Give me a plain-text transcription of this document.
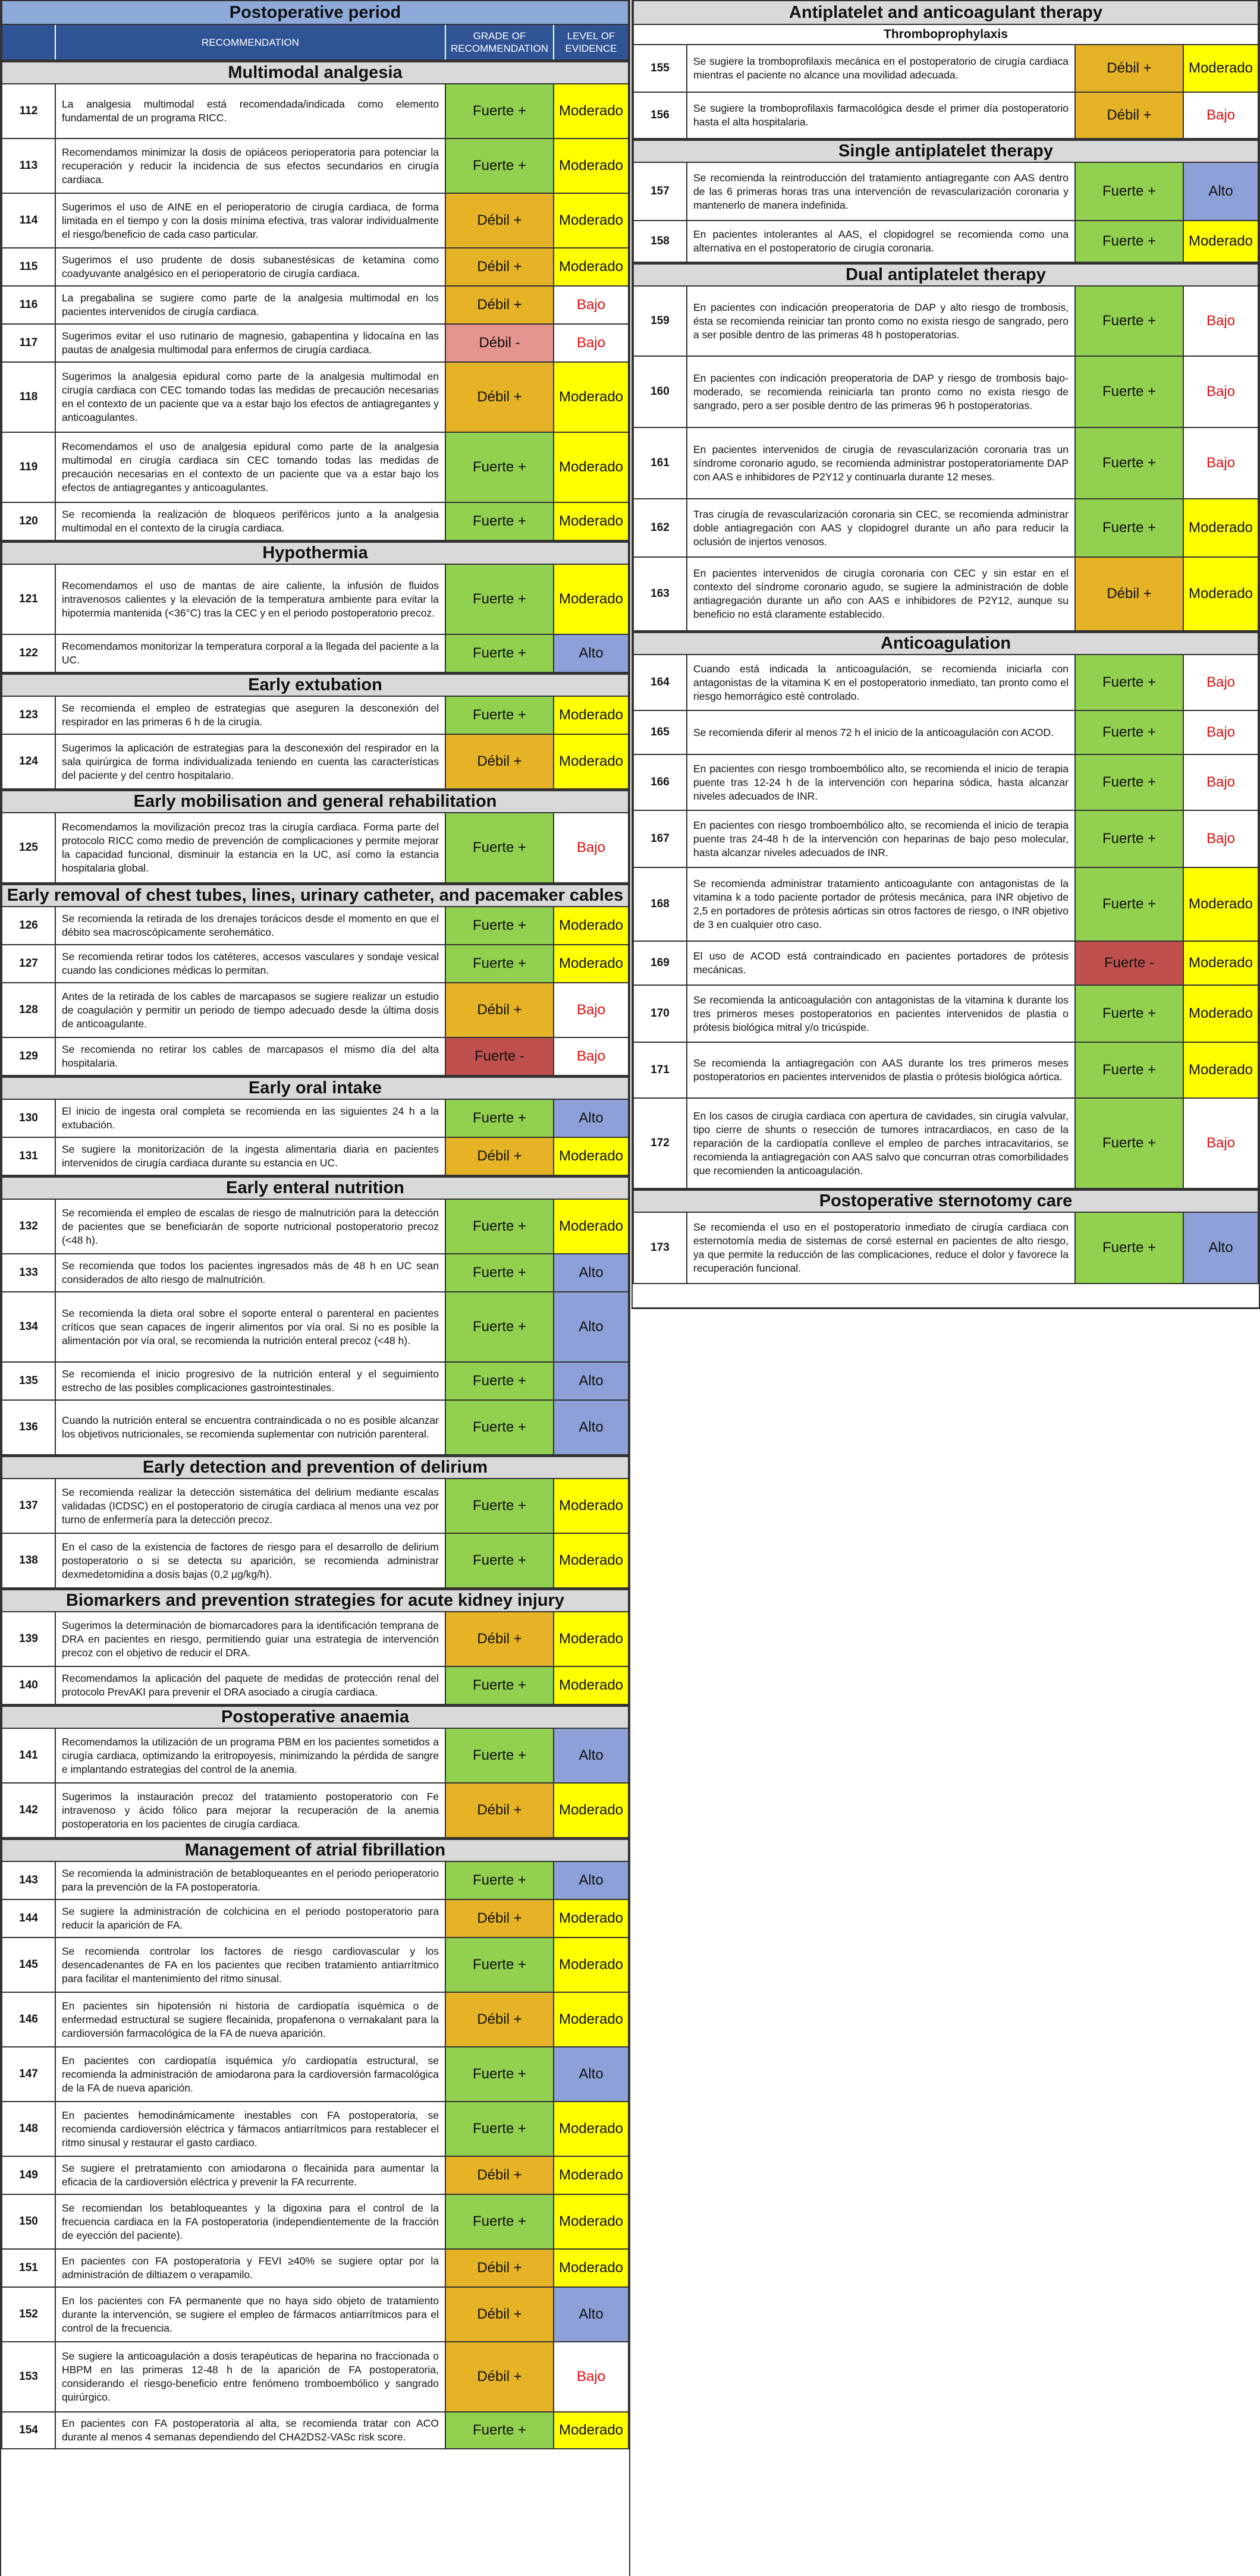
Postoperative period
RECOMMENDATION
GRADE OF RECOMMENDATION
LEVEL OF EVIDENCE
Multimodal analgesia
112
La analgesia multimodal está recomendada/indicada como elemento fundamental de un programa RICC.	Fuerte +	Moderado
113
Recomendamos minimizar la dosis de opiáceos perioperatoria para potenciar la recuperación y reducir la incidencia de sus efectos secundarios en cirugía cardiaca.
Fuerte +	Moderado
114
Sugerimos el uso de AINE en el perioperatorio de cirugía cardiaca, de forma limitada en el tiempo y con la dosis mínima efectiva, tras valorar individualmente el riesgo/beneficio de cada caso particular.
Débil +	Moderado
115
Sugerimos el uso prudente de dosis subanestésicas de ketamina como coadyuvante analgésico en el perioperatorio de cirugía cardiaca.	Débil +	Moderado
116
La pregabalina se sugiere como parte de la analgesia multimodal en los pacientes intervenidos de cirugía cardiaca.	Débil +	Bajo
117
Sugerimos evitar el uso rutinario de magnesio, gabapentina y lidocaína en las pautas de analgesia multimodal para enfermos de cirugía cardiaca.	Débil -	Bajo
118
Sugerimos la analgesia epidural como parte de la analgesia multimodal en cirugía cardiaca con CEC tomando todas las medidas de precaución necesarias en el contexto de un paciente que va a estar bajo los efectos de antiagregantes y anticoagulantes.
Débil +	Moderado
119
Recomendamos el uso de analgesia epidural como parte de la analgesia multimodal en cirugía cardiaca sin CEC tomando todas las medidas de precaución necesarias en el contexto de un paciente que va a estar bajo los efectos de antiagregantes y anticoagulantes.
Fuerte +	Moderado
120
Se recomienda la realización de bloqueos periféricos junto a la analgesia multimodal en el contexto de la cirugía cardiaca.	Fuerte +	Moderado
Hypothermia
121
Recomendamos el uso de mantas de aire caliente, la infusión de fluidos intravenosos calientes y la elevación de la temperatura ambiente para evitar la hipotermia mantenida (<36°C) tras la CEC y en el periodo postoperatorio precoz.
Fuerte +	Moderado
122
Recomendamos monitorizar la temperatura corporal a la llegada del paciente a la UC.	Fuerte +	Alto
Early extubation
123
Se recomienda el empleo de estrategias que aseguren la desconexión del respirador en las primeras 6 h de la cirugía.	Fuerte +	Moderado
124
Sugerimos la aplicación de estrategias para la desconexión del respirador en la sala quirúrgica de forma individualizada teniendo en cuenta las características del paciente y del centro hospitalario.
Débil +	Moderado
Early mobilisation and general rehabilitation
125
Recomendamos la movilización precoz tras la cirugía cardiaca. Forma parte del protocolo RICC como medio de prevención de complicaciones y permite mejorar la capacidad funcional, disminuir la estancia en la UC, así como la estancia hospitalaria global.
Fuerte +	Bajo
Early removal of chest tubes, lines, urinary catheter, and pacemaker cables
126
Se recomienda la retirada de los drenajes torácicos desde el momento en que el débito sea macroscópicamente serohemático.	Fuerte +	Moderado
127
Se recomienda retirar todos los catéteres, accesos vasculares y sondaje vesical cuando las condiciones médicas lo permitan.	Fuerte +	Moderado
128
Antes de la retirada de los cables de marcapasos se sugiere realizar un estudio de coagulación y permitir un periodo de tiempo adecuado desde la última dosis de anticoagulante.
Débil +	Bajo
129
Se recomienda no retirar los cables de marcapasos el mismo día del alta hospitalaria.	Fuerte -	Bajo
Early oral intake
130
El inicio de ingesta oral completa se recomienda en las siguientes 24 h a la extubación.	Fuerte +	Alto
131
Se sugiere la monitorización de la ingesta alimentaria diaria en pacientes intervenidos de cirugía cardiaca durante su estancia en UC.	Débil +	Moderado
Early enteral nutrition
132
Se recomienda el empleo de escalas de riesgo de malnutrición para la detección de pacientes que se beneficiarán de soporte nutricional postoperatorio precoz (<48 h).
Fuerte +	Moderado
133
Se recomienda que todos los pacientes ingresados más de 48 h en UC sean considerados de alto riesgo de malnutrición.	Fuerte +	Alto
134
Se recomienda la dieta oral sobre el soporte enteral o parenteral en pacientes críticos que sean capaces de ingerir alimentos por vía oral. Si no es posible la alimentación por vía oral, se recomienda la nutrición enteral precoz (<48 h).
Fuerte +	Alto
135
Se recomienda el inicio progresivo de la nutrición enteral y el seguimiento estrecho de las posibles complicaciones gastrointestinales.	Fuerte +	Alto
136
Cuando la nutrición enteral se encuentra contraindicada o no es posible alcanzar los objetivos nutricionales, se recomienda suplementar con nutrición parenteral.	Fuerte +	Alto
Early detection and prevention of delirium
137
Se recomienda realizar la detección sistemática del delirium mediante escalas validadas (ICDSC) en el postoperatorio de cirugía cardiaca al menos una vez por turno de enfermería para la detección precoz.
Fuerte +	Moderado
138
En el caso de la existencia de factores de riesgo para el desarrollo de delirium postoperatorio o si se detecta su aparición, se recomienda administrar dexmedetomidina a dosis bajas (0,2 µg/kg/h).
Fuerte +	Moderado
Biomarkers and prevention strategies for acute kidney injury
139
Sugerimos la determinación de biomarcadores para la identificación temprana de DRA en pacientes en riesgo, permitiendo guiar una estrategia de intervención precoz con el objetivo de reducir el DRA.
Débil +	Moderado
140
Recomendamos la aplicación del paquete de medidas de protección renal del protocolo PrevAKI para prevenir el DRA asociado a cirugía cardiaca.	Fuerte +	Moderado
Postoperative anaemia
141
Recomendamos la utilización de un programa PBM en los pacientes sometidos a cirugía cardiaca, optimizando la eritropoyesis, minimizando la pérdida de sangre e implantando estrategias del control de la anemia.
Fuerte +	Alto
142
Sugerimos la instauración precoz del tratamiento postoperatorio con Fe intravenoso y ácido fólico para mejorar la recuperación de la anemia postoperatoria en los pacientes de cirugía cardiaca.
Débil +	Moderado
Management of atrial fibrillation
143
Se recomienda la administración de betabloqueantes en el periodo perioperatorio para la prevención de la FA postoperatoria.	Fuerte +	Alto
144
Se sugiere la administración de colchicina en el periodo postoperatorio para reducir la aparición de FA.	Débil +	Moderado
145
Se recomienda controlar los factores de riesgo cardiovascular y los desencadenantes de FA en los pacientes que reciben tratamiento antiarrítmico para facilitar el mantenimiento del ritmo sinusal.
Fuerte +	Moderado
146
En pacientes sin hipotensión ni historia de cardiopatía isquémica o de enfermedad estructural se sugiere flecainida, propafenona o vernakalant para la cardioversión farmacológica de la FA de nueva aparición.
Débil +	Moderado
147
En pacientes con cardiopatía isquémica y/o cardiopatía estructural, se recomienda la administración de amiodarona para la cardioversión farmacológica de la FA de nueva aparición.
Fuerte +	Alto
148
En pacientes hemodinámicamente inestables con FA postoperatoria, se recomienda cardioversión eléctrica y fármacos antiarrítmicos para restablecer el ritmo sinusal y restaurar el gasto cardiaco.
Fuerte +	Moderado
149
Se sugiere el pretratamiento con amiodarona o flecainida para aumentar la eficacia de la cardioversión eléctrica y prevenir la FA recurrente.	Débil +	Moderado
150
Se recomiendan los betabloqueantes y la digoxina para el control de la frecuencia cardiaca en la FA postoperatoria (independientemente de la fracción de eyección del paciente).
Fuerte +	Moderado
151
En pacientes con FA postoperatoria y FEVI ≥40% se sugiere optar por la administración de diltiazem o verapamilo.	Débil +	Moderado
152
En los pacientes con FA permanente que no haya sido objeto de tratamiento durante la intervención, se sugiere el empleo de fármacos antiarrítmicos para el control de la frecuencia.
Débil +	Alto
153
Se sugiere la anticoagulación a dosis terapéuticas de heparina no fraccionada o HBPM en las primeras 12-48 h de la aparición de FA postoperatoria, considerando el riesgo-beneficio entre fenómeno tromboembólico y sangrado quirúrgico.
Débil +	Bajo
154
En pacientes con FA postoperatoria al alta, se recomienda tratar con ACO durante al menos 4 semanas dependiendo del CHA2DS2-VASc risk score.	Fuerte +	Moderado
Antiplatelet and anticoagulant therapy
Thromboprophylaxis
155
Se sugiere la tromboprofilaxis mecánica en el postoperatorio de cirugía cardiaca mientras el paciente no alcance una movilidad adecuada.	Débil +	Moderado
156
Se sugiere la tromboprofilaxis farmacológica desde el primer día postoperatorio hasta el alta hospitalaria.	Débil +	Bajo
Single antiplatelet therapy
157
Se recomienda la reintroducción del tratamiento antiagregante con AAS dentro de las 6 primeras horas tras una intervención de revascularización coronaria y mantenerlo de manera indefinida.
Fuerte +	Alto
158
En pacientes intolerantes al AAS, el clopidogrel se recomienda como una alternativa en el postoperatorio de cirugía coronaria.	Fuerte +	Moderado
Dual antiplatelet therapy
159
En pacientes con indicación preoperatoria de DAP y alto riesgo de trombosis, ésta se recomienda reiniciar tan pronto como no exista riesgo de sangrado, pero a ser posible dentro de las primeras 48 h postoperatorias.
Fuerte +	Bajo
160
En pacientes con indicación preoperatoria de DAP y riesgo de trombosis bajo-moderado, se recomienda reiniciarla tan pronto como no exista riesgo de sangrado, pero a ser posible dentro de las primeras 96 h postoperatorias.
Fuerte +	Bajo
161
En pacientes intervenidos de cirugía de revascularización coronaria tras un síndrome coronario agudo, se recomienda administrar postoperatoriamente DAP con AAS e inhibidores de P2Y12 y continuarla durante 12 meses.
Fuerte +	Bajo
162
Tras cirugía de revascularización coronaria sin CEC, se recomienda administrar doble antiagregación con AAS y clopidogrel durante un año para reducir la oclusión de injertos venosos.
Fuerte +	Moderado
163
En pacientes intervenidos de cirugía coronaria con CEC y sin estar en el contexto del síndrome coronario agudo, se sugiere la administración de doble antiagregación durante un año con AAS e inhibidores de P2Y12, aunque su beneficio no está claramente establecido.
Débil +	Moderado
Anticoagulation
164
Cuando está indicada la anticoagulación, se recomienda iniciarla con antagonistas de la vitamina K en el postoperatorio inmediato, tan pronto como el riesgo hemorrágico esté controlado.
Fuerte +	Bajo
165	Se recomienda diferir al menos 72 h el inicio de la anticoagulación con ACOD.	Fuerte +	Bajo
166
En pacientes con riesgo tromboembólico alto, se recomienda el inicio de terapia puente tras 12-24 h de la intervención con heparina sódica, hasta alcanzar niveles adecuados de INR.
Fuerte +	Bajo
167
En pacientes con riesgo tromboembólico alto, se recomienda el inicio de terapia puente tras 24-48 h de la intervención con heparinas de bajo peso molecular, hasta alcanzar niveles adecuados de INR.
Fuerte +	Bajo
168
Se recomienda administrar tratamiento anticoagulante con antagonistas de la vitamina k a todo paciente portador de prótesis mecánica, para INR objetivo de 2,5 en portadores de prótesis aórticas sin otros factores de riesgo, o INR objetivo de 3 en cualquier otro caso.
Fuerte +	Moderado
169
El uso de ACOD está contraindicado en pacientes portadores de prótesis mecánicas.	Fuerte -	Moderado
170
Se recomienda la anticoagulación con antagonistas de la vitamina k durante los tres primeros meses postoperatorios en pacientes intervenidos de plastia o prótesis biológica mitral y/o tricúspide.
Fuerte +	Moderado
171
Se recomienda la antiagregación con AAS durante los tres primeros meses postoperatorios en pacientes intervenidos de plastia o prótesis biológica aórtica.	Fuerte +	Moderado
172
En los casos de cirugía cardiaca con apertura de cavidades, sin cirugía valvular, tipo cierre de shunts o resección de tumores intracardiacos, en caso de la reparación de la cardiopatía conlleve el empleo de parches intracavitarios, se recomienda la antiagregación con AAS salvo que concurran otras comorbilidades que recomienden la anticoagulación.
Fuerte +	Bajo
Postoperative sternotomy care
173
Se recomienda el uso en el postoperatorio inmediato de cirugía cardiaca con esternotomía media de sistemas de corsé esternal en pacientes de alto riesgo, ya que permite la reducción de las complicaciones, reduce el dolor y favorece la recuperación funcional.
Fuerte +	Alto
